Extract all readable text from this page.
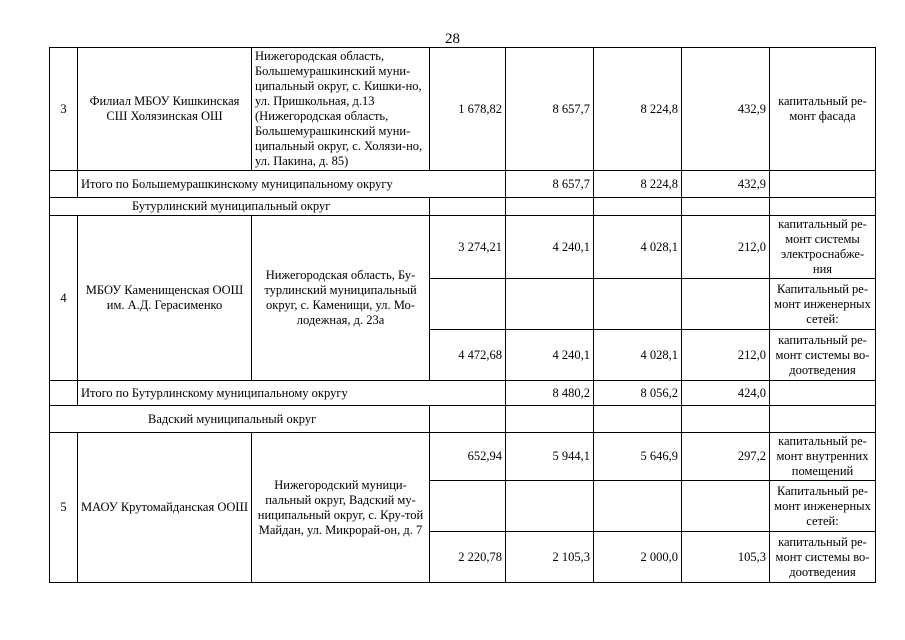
28
3	Филиал МБОУ Кишкинская СШ Холязинская ОШ	Нижегородская область, Большемурашкинский муни-ципальный округ, с. Кишки-но, ул. Пришкольная, д.13 (Нижегородская область, Большемурашкинский муни-ципальный округ, с. Холязи-но, ул. Пакина, д. 85)	1 678,82	8 657,7	8 224,8	432,9	капитальный ре-монт фасада
	Итого по Большемурашкинскому муниципальному округу			8 657,7	8 224,8	432,9	
Бутурлинский муниципальный округ							
4	МБОУ Каменищенская ООШ им. А.Д. Герасименко	Нижегородская область, Бу-турлинский муниципальный округ, с. Каменищи, ул. Мо-лодежная, д. 23а	3 274,21	4 240,1	4 028,1	212,0	капитальный ре-монт системы электроснабже-ния
							Капитальный ре-монт инженерных сетей:
			4 472,68	4 240,1	4 028,1	212,0	капитальный ре-монт системы во-доотведения
	Итого по Бутурлинскому муниципальному округу			8 480,2	8 056,2	424,0	
Вадский муниципальный округ							
5	МАОУ Крутомайданская ООШ	Нижегородский муници-пальный округ, Вадский му-ниципальный округ, с. Кру-той Майдан, ул. Микрорай-он, д. 7	652,94	5 944,1	5 646,9	297,2	капитальный ре-монт внутренних помещений
							Капитальный ре-монт инженерных сетей:
			2 220,78	2 105,3	2 000,0	105,3	капитальный ре-монт системы во-доотведения
